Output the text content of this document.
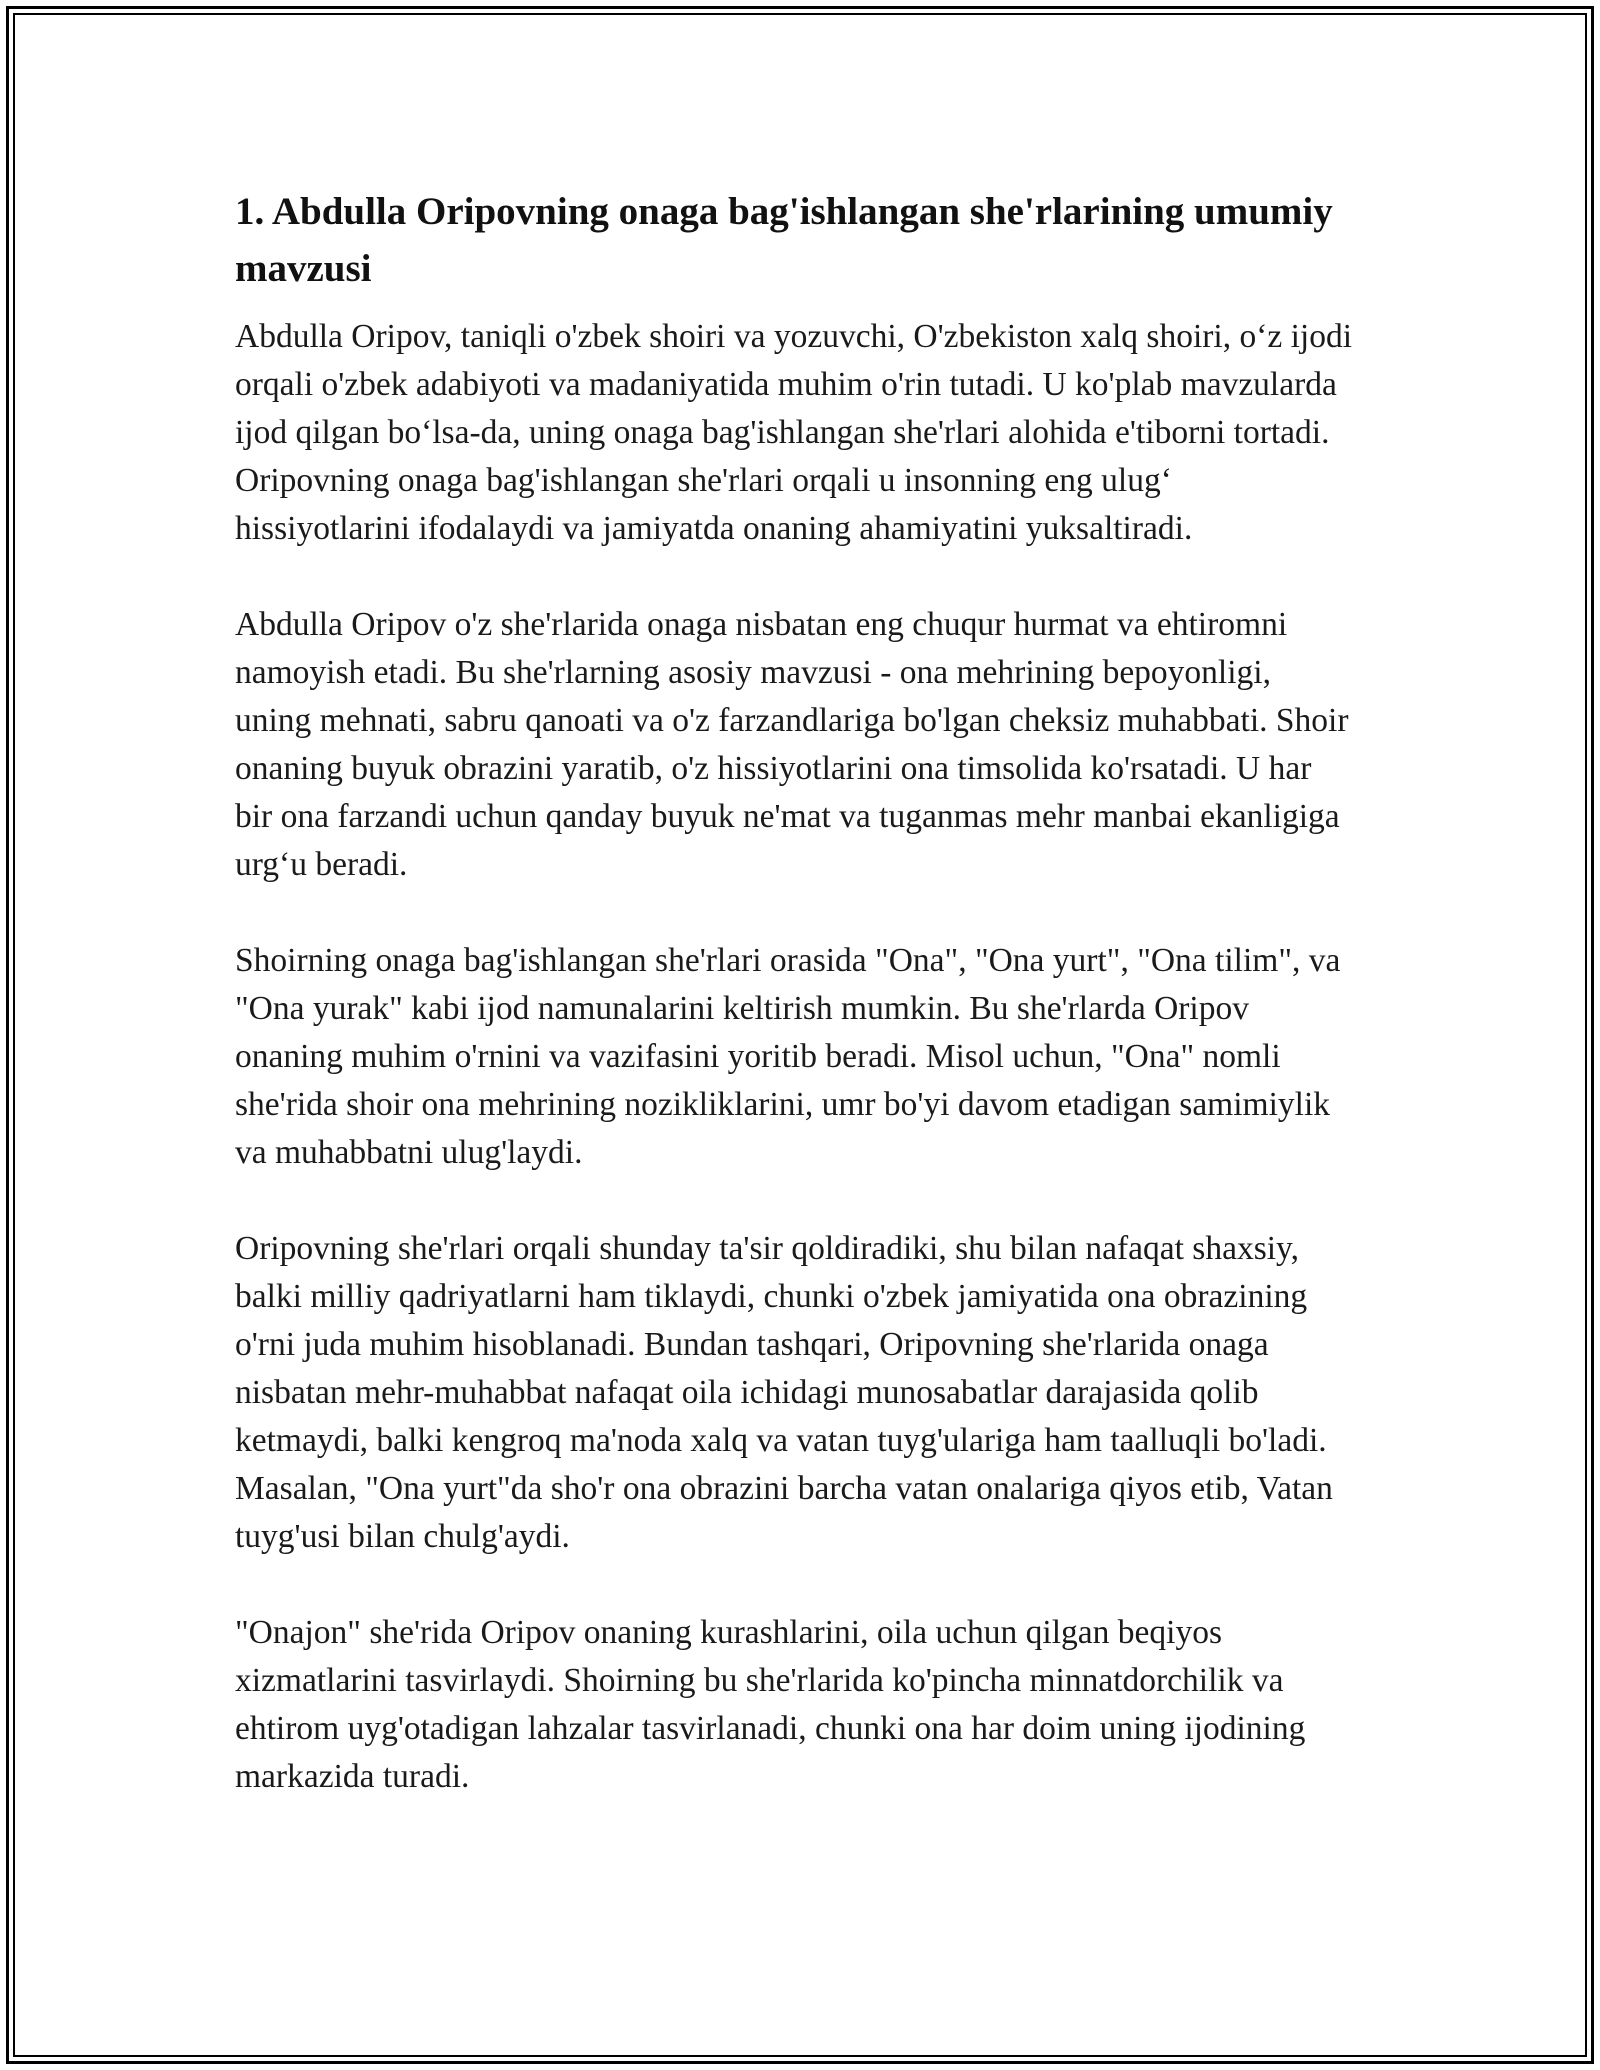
1. Abdulla Oripovning onaga bag'ishlangan she'rlarining umumiy mavzusi

Abdulla Oripov, taniqli o'zbek shoiri va yozuvchi, O'zbekiston xalq shoiri, o‘z ijodi orqali o'zbek adabiyoti va madaniyatida muhim o'rin tutadi. U ko'plab mavzularda ijod qilgan bo‘lsa-da, uning onaga bag'ishlangan she'rlari alohida e'tiborni tortadi. Oripovning onaga bag'ishlangan she'rlari orqali u insonning eng ulug‘ hissiyotlarini ifodalaydi va jamiyatda onaning ahamiyatini yuksaltiradi.

Abdulla Oripov o'z she'rlarida onaga nisbatan eng chuqur hurmat va ehtiromni namoyish etadi. Bu she'rlarning asosiy mavzusi - ona mehrining bepoyonligi, uning mehnati, sabru qanoati va o'z farzandlariga bo'lgan cheksiz muhabbati. Shoir onaning buyuk obrazini yaratib, o'z hissiyotlarini ona timsolida ko'rsatadi. U har bir ona farzandi uchun qanday buyuk ne'mat va tuganmas mehr manbai ekanligiga urg‘u beradi.

Shoirning onaga bag'ishlangan she'rlari orasida "Ona", "Ona yurt", "Ona tilim", va "Ona yurak" kabi ijod namunalarini keltirish mumkin. Bu she'rlarda Oripov onaning muhim o'rnini va vazifasini yoritib beradi. Misol uchun, "Ona" nomli she'rida shoir ona mehrining nozikliklarini, umr bo'yi davom etadigan samimiylik va muhabbatni ulug'laydi.

Oripovning she'rlari orqali shunday ta'sir qoldiradiki, shu bilan nafaqat shaxsiy, balki milliy qadriyatlarni ham tiklaydi, chunki o'zbek jamiyatida ona obrazining o'rni juda muhim hisoblanadi. Bundan tashqari, Oripovning she'rlarida onaga nisbatan mehr-muhabbat nafaqat oila ichidagi munosabatlar darajasida qolib ketmaydi, balki kengroq ma'noda xalq va vatan tuyg'ulariga ham taalluqli bo'ladi. Masalan, "Ona yurt"da sho'r ona obrazini barcha vatan onalariga qiyos etib, Vatan tuyg'usi bilan chulg'aydi.

"Onajon" she'rida Oripov onaning kurashlarini, oila uchun qilgan beqiyos xizmatlarini tasvirlaydi. Shoirning bu she'rlarida ko'pincha minnatdorchilik va ehtirom uyg'otadigan lahzalar tasvirlanadi, chunki ona har doim uning ijodining markazida turadi.
